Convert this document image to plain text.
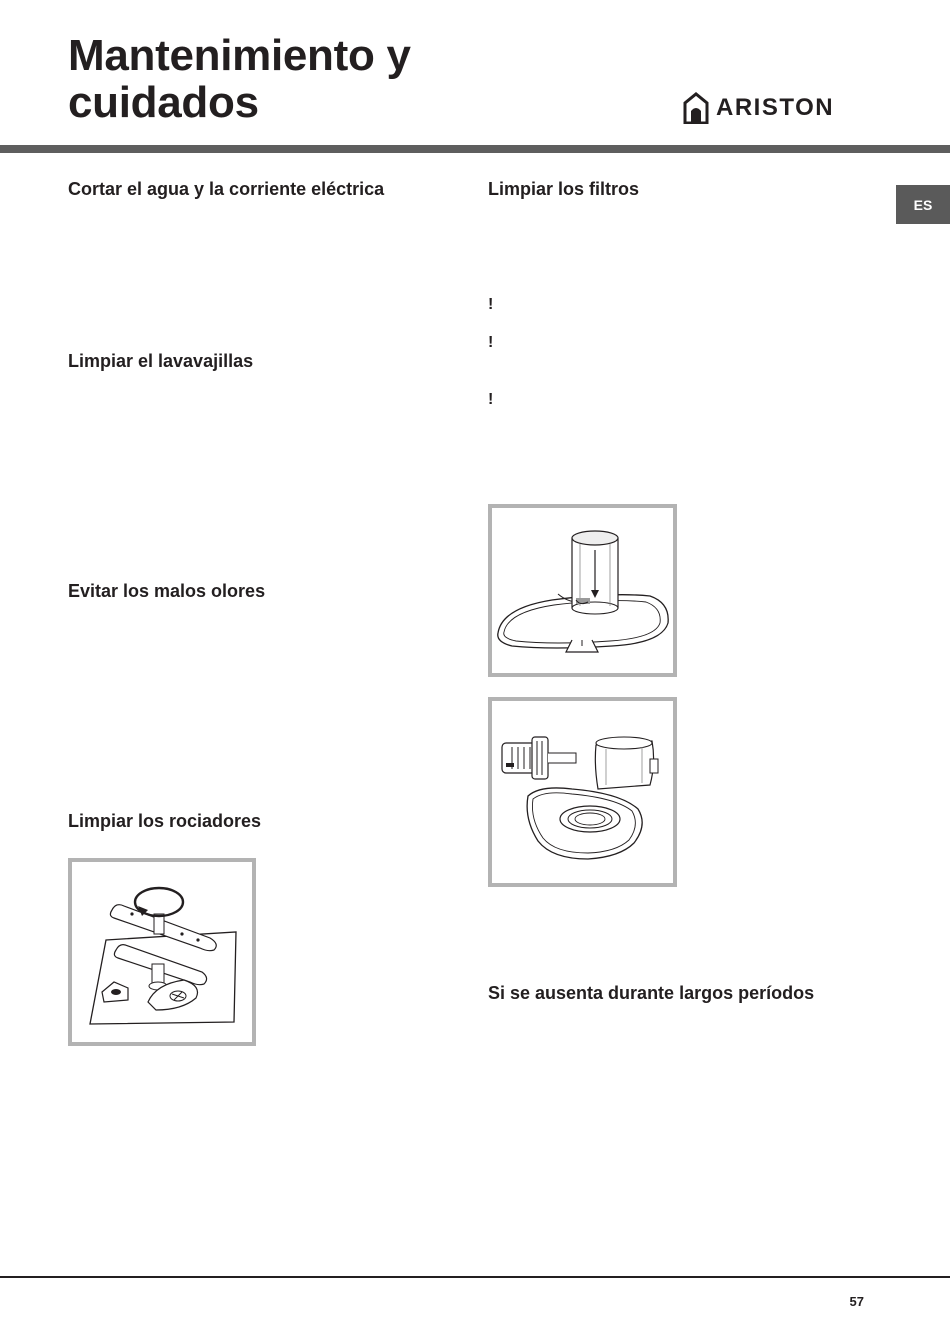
Mantenimiento y
cuidados	ARISTON
ES
Cortar el agua y la corriente eléctrica
Limpiar el lavavajillas
Evitar los malos olores
Limpiar los rociadores
Limpiar los filtros
Si se ausenta durante largos períodos
!
!
!
57
